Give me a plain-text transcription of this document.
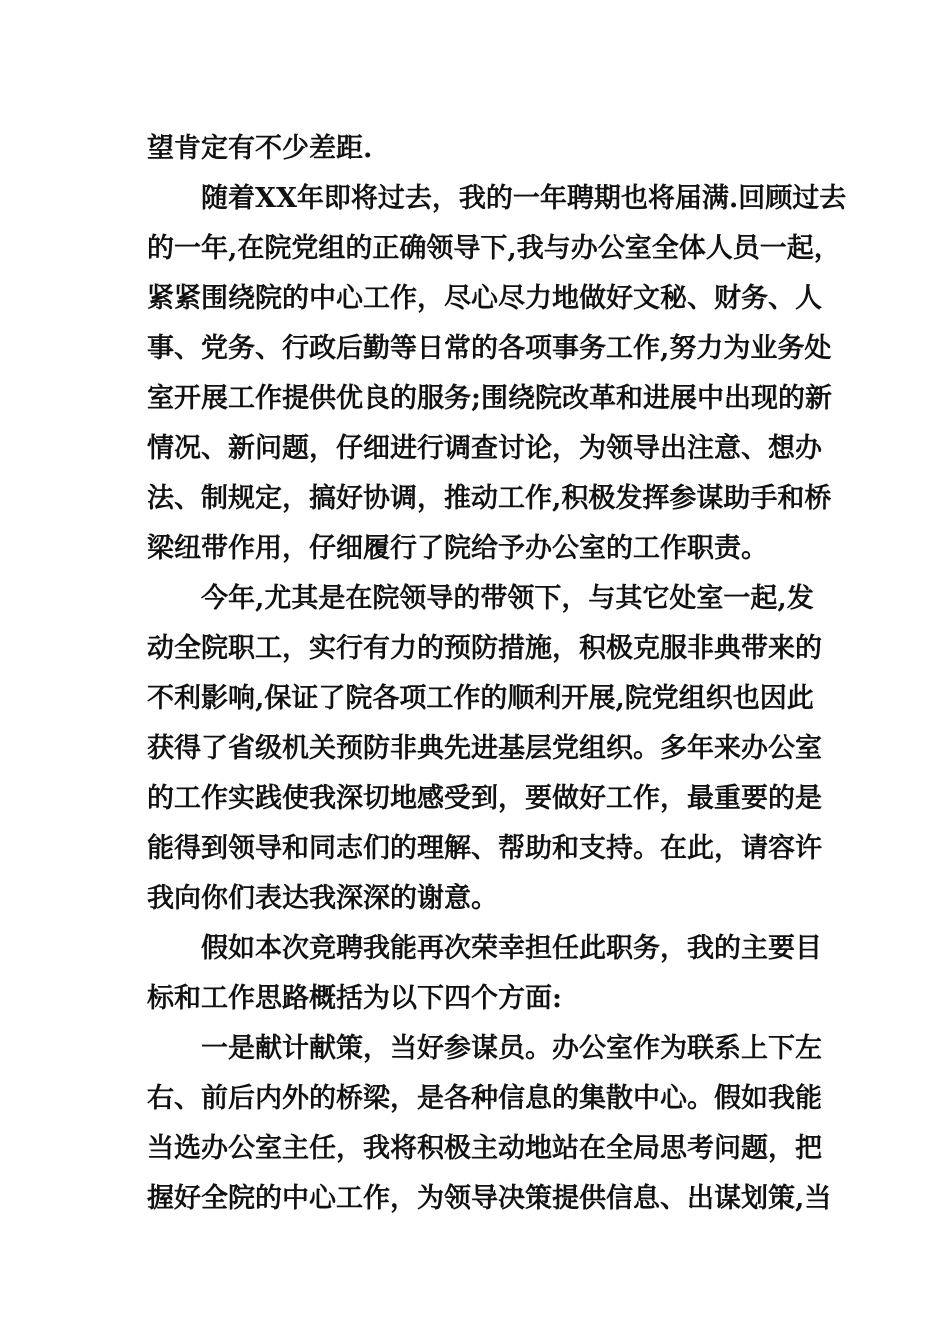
望肯定有不少差距.
随着XX年即将过去，我的一年聘期也将届满.回顾过去
的一年,在院党组的正确领导下,我与办公室全体人员一起，
紧紧围绕院的中心工作，尽心尽力地做好文秘、财务、人
事、党务、行政后勤等日常的各项事务工作,努力为业务处
室开展工作提供优良的服务;围绕院改革和进展中出现的新
情况、新问题，仔细进行调查讨论，为领导出注意、想办
法、制规定，搞好协调，推动工作,积极发挥参谋助手和桥
梁纽带作用，仔细履行了院给予办公室的工作职责。
今年,尤其是在院领导的带领下，与其它处室一起,发
动全院职工，实行有力的预防措施，积极克服非典带来的
不利影响,保证了院各项工作的顺利开展,院党组织也因此
获得了省级机关预防非典先进基层党组织。多年来办公室
的工作实践使我深切地感受到，要做好工作，最重要的是
能得到领导和同志们的理解、帮助和支持。在此，请容许
我向你们表达我深深的谢意。
假如本次竞聘我能再次荣幸担任此职务，我的主要目
标和工作思路概括为以下四个方面:
一是献计献策，当好参谋员。办公室作为联系上下左
右、前后内外的桥梁，是各种信息的集散中心。假如我能
当选办公室主任，我将积极主动地站在全局思考问题，把
握好全院的中心工作，为领导决策提供信息、出谋划策,当
